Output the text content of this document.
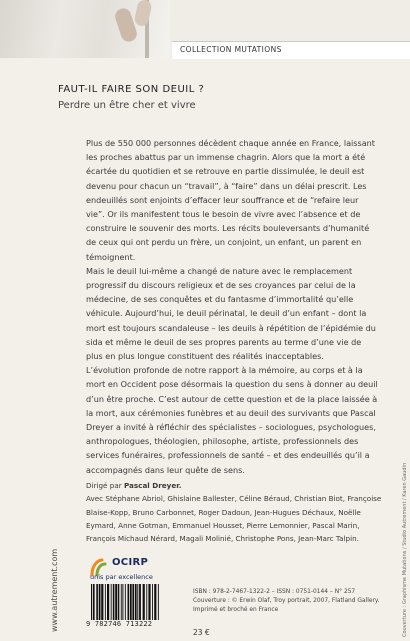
COLLECTION MUTATIONS
FAUT-IL FAIRE SON DEUIL ?
Perdre un être cher et vivre

Plus de 550 000 personnes décèdent chaque année en France, laissant les proches abattus par un immense chagrin. Alors que la mort a été écartée du quotidien et se retrouve en partie dissimulée, le deuil est devenu pour chacun un “travail”, à “faire” dans un délai prescrit. Les endeuillés sont enjoints d’effacer leur souffrance et de “refaire leur vie”. Or ils manifestent tous le besoin de vivre avec l’absence et de construire le souvenir des morts. Les récits bouleversants d’humanité de ceux qui ont perdu un frère, un conjoint, un enfant, un parent en témoignent.

Mais le deuil lui-même a changé de nature avec le remplacement progressif du discours religieux et de ses croyances par celui de la médecine, de ses conquêtes et du fantasme d’immortalité qu’elle véhicule. Aujourd’hui, le deuil périnatal, le deuil d’un enfant – dont la mort est toujours scandaleuse – les deuils à répétition de l’épidémie du sida et même le deuil de ses propres parents au terme d’une vie de plus en plus longue constituent des réalités inacceptables.

L’évolution profonde de notre rapport à la mémoire, au corps et à la mort en Occident pose désormais la question du sens à donner au deuil d’un être proche. C’est autour de cette question et de la place laissée à la mort, aux cérémonies funèbres et au deuil des survivants que Pascal Dreyer a invité à réfléchir des spécialistes – sociologues, psychologues, anthropologues, théologien, philosophe, artiste, professionnels des services funéraires, professionnels de santé – et des endeuillés qu’il a accompagnés dans leur quête de sens.

Dirigé par Pascal Dreyer.

Avec Stéphane Abriol, Ghislaine Ballester, Céline Béraud, Christian Biot, Françoise Blaise-Kopp, Bruno Carbonnet, Roger Dadoun, Jean-Hugues Déchaux, Noëlle Eymard, Anne Gotman, Emmanuel Housset, Pierre Lemonnier, Pascal Marin, François Michaud Nérard, Magali Molinié, Christophe Pons, Jean-Marc Talpin.

www.autrement.com	Couverture : Graphisme Mutations / Studio Autrement / Karen Gaudin
OCIRP
unis par excellence
9 782746 713222

ISBN : 978-2-7467-1322-2 – ISSN : 0751-0144 – N° 257

Couverture : © Erwin Olaf, Troy portrait, 2007, Flatland Gallery.

Imprimé et broché en France

23 €
